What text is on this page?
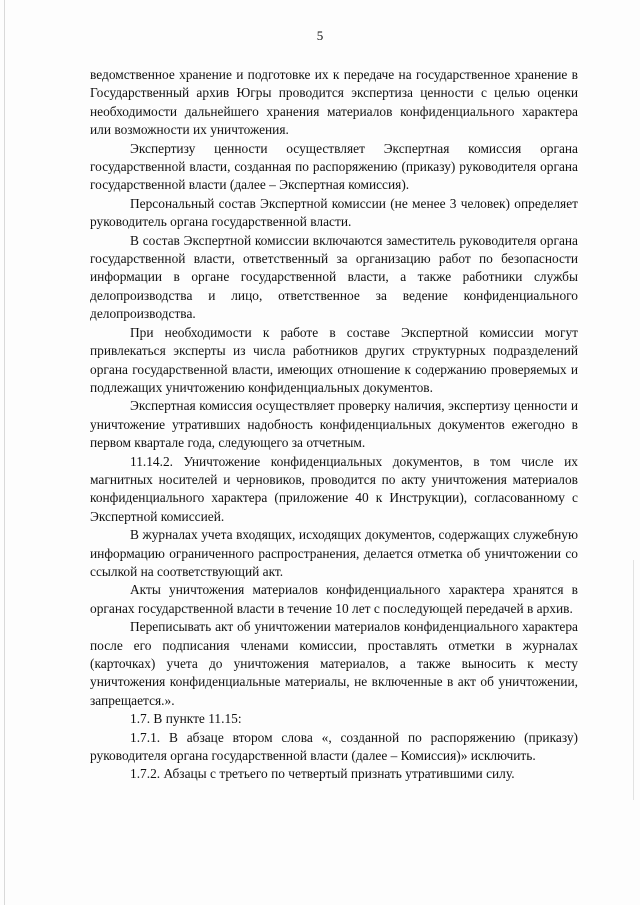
5

ведомственное хранение и подготовке их к передаче на государственное хранение в Государственный архив Югры проводится экспертиза ценности с целью оценки необходимости дальнейшего хранения материалов конфиденциального характера или возможности их уничтожения.

Экспертизу ценности осуществляет Экспертная комиссия органа государственной власти, созданная по распоряжению (приказу) руководителя органа государственной власти (далее – Экспертная комиссия).

Персональный состав Экспертной комиссии (не менее 3 человек) определяет руководитель органа государственной власти.

В состав Экспертной комиссии включаются заместитель руководителя органа государственной власти, ответственный за организацию работ по безопасности информации в органе государственной власти, а также работники службы делопроизводства и лицо, ответственное за ведение конфиденциального делопроизводства.

При необходимости к работе в составе Экспертной комиссии могут привлекаться эксперты из числа работников других структурных подразделений органа государственной власти, имеющих отношение к содержанию проверяемых и подлежащих уничтожению конфиденциальных документов.

Экспертная комиссия осуществляет проверку наличия, экспертизу ценности и уничтожение утративших надобность конфиденциальных документов ежегодно в первом квартале года, следующего за отчетным.

11.14.2. Уничтожение конфиденциальных документов, в том числе их магнитных носителей и черновиков, проводится по акту уничтожения материалов конфиденциального характера (приложение 40 к Инструкции), согласованному с Экспертной комиссией.

В журналах учета входящих, исходящих документов, содержащих служебную информацию ограниченного распространения, делается отметка об уничтожении со ссылкой на соответствующий акт.

Акты уничтожения материалов конфиденциального характера хранятся в органах государственной власти в течение 10 лет с последующей передачей в архив.

Переписывать акт об уничтожении материалов конфиденциального характера после его подписания членами комиссии, проставлять отметки в журналах (карточках) учета до уничтожения материалов, а также выносить к месту уничтожения конфиденциальные материалы, не включенные в акт об уничтожении, запрещается.».

1.7. В пункте 11.15:

1.7.1. В абзаце втором слова «, созданной по распоряжению (приказу) руководителя органа государственной власти (далее – Комиссия)» исключить.

1.7.2. Абзацы с третьего по четвертый признать утратившими силу.
